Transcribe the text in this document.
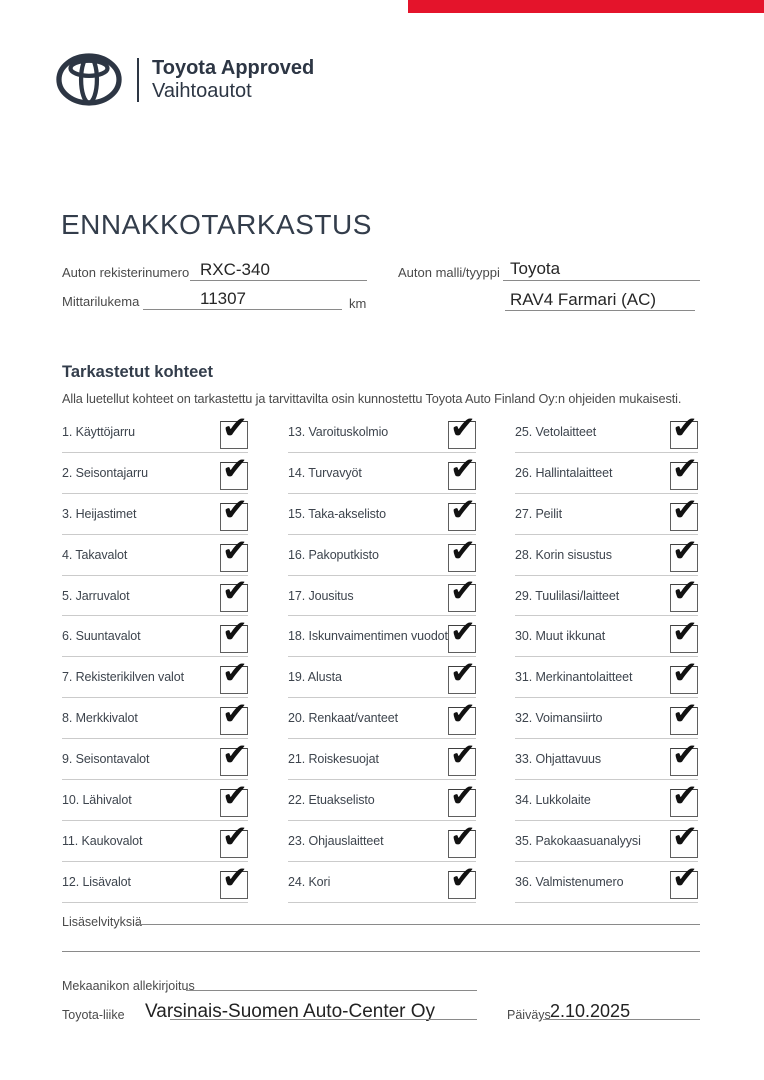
Toyota Approved
Vaihtoautot
ENNAKKOTARKASTUS
Auton rekisterinumero RXC-340	Auton malli/tyyppi Toyota
RAV4 Farmari (AC)
Mittarilukema	11307	km
Tarkastetut kohteet
Alla luetellut kohteet on tarkastettu ja tarvittavilta osin kunnostettu Toyota Auto Finland Oy:n ohjeiden mukaisesti.
1. Käyttöjarru	✔
2. Seisontajarru ✔
3. Heijastimet	✔
4. Takavalot	✔
5. Jarruvalot	✔
6. Suuntavalot	✔
7. Rekisterikilven valot ✔
8. Merkkivalot	✔
9. Seisontavalot ✔
10. Lähivalot	✔
11. Kaukovalot	✔
12. Lisävalot	✔
13. Varoituskolmio ✔
14. Turvavyöt	✔
15. Taka-akselisto ✔
16. Pakoputkisto ✔
17. Jousitus	✔
18. Iskunvaimentimen vuodot ✔
19. Alusta	✔
20. Renkaat/vanteet ✔
21. Roiskesuojat ✔
22. Etuakselisto ✔
23. Ohjauslaitteet ✔
24. Kori	✔
25. Vetolaitteet ✔
26. Hallintalaitteet ✔
27. Peilit	✔
28. Korin sisustus ✔
29. Tuulilasi/laitteet ✔
30. Muut ikkunat ✔
31. Merkinantolaitteet ✔
32. Voimansiirto ✔
33. Ohjattavuus ✔
34. Lukkolaite	✔
35. Pakokaasuanalyysi ✔
36. Valmistenumero ✔
Lisäselvityksiä
Mekaanikon allekirjoitus
Toyota-liike Varsinais-Suomen Auto-Center Oy	Päiväys 2.10.2025
